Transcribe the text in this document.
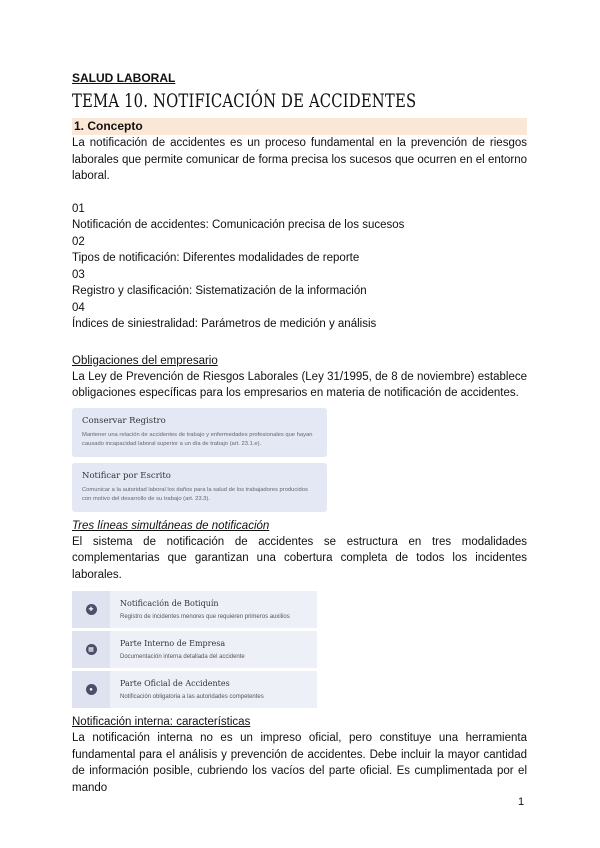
SALUD LABORAL
TEMA 10. NOTIFICACIÓN DE ACCIDENTES
1. Concepto

La notificación de accidentes es un proceso fundamental en la prevención de riesgos laborales que permite comunicar de forma precisa los sucesos que ocurren en el entorno laboral.

01
Notificación de accidentes: Comunicación precisa de los sucesos
02
Tipos de notificación: Diferentes modalidades de reporte
03
Registro y clasificación: Sistematización de la información
04
Índices de siniestralidad: Parámetros de medición y análisis
Obligaciones del empresario

La Ley de Prevención de Riesgos Laborales (Ley 31/1995, de 8 de noviembre) establece obligaciones específicas para los empresarios en materia de notificación de accidentes.

Conservar Registro
Mantener una relación de accidentes de trabajo y enfermedades profesionales que hayan causado incapacidad laboral superior a un día de trabajo (art. 23.1.e).
Notificar por Escrito
Comunicar a la autoridad laboral los daños para la salud de los trabajadores producidos con motivo del desarrollo de su trabajo (art. 23.3).
Tres líneas simultáneas de notificación

El sistema de notificación de accidentes se estructura en tres modalidades complementarias que garantizan una cobertura completa de todos los incidentes laborales.

✚
Notificación de Botiquín
Registro de incidentes menores que requieren primeros auxilios
▦
Parte Interno de Empresa
Documentación interna detallada del accidente
●
Parte Oficial de Accidentes
Notificación obligatoria a las autoridades competentes
Notificación interna: características

La notificación interna no es un impreso oficial, pero constituye una herramienta fundamental para el análisis y prevención de accidentes. Debe incluir la mayor cantidad de información posible, cubriendo los vacíos del parte oficial. Es cumplimentada por el mando

1
